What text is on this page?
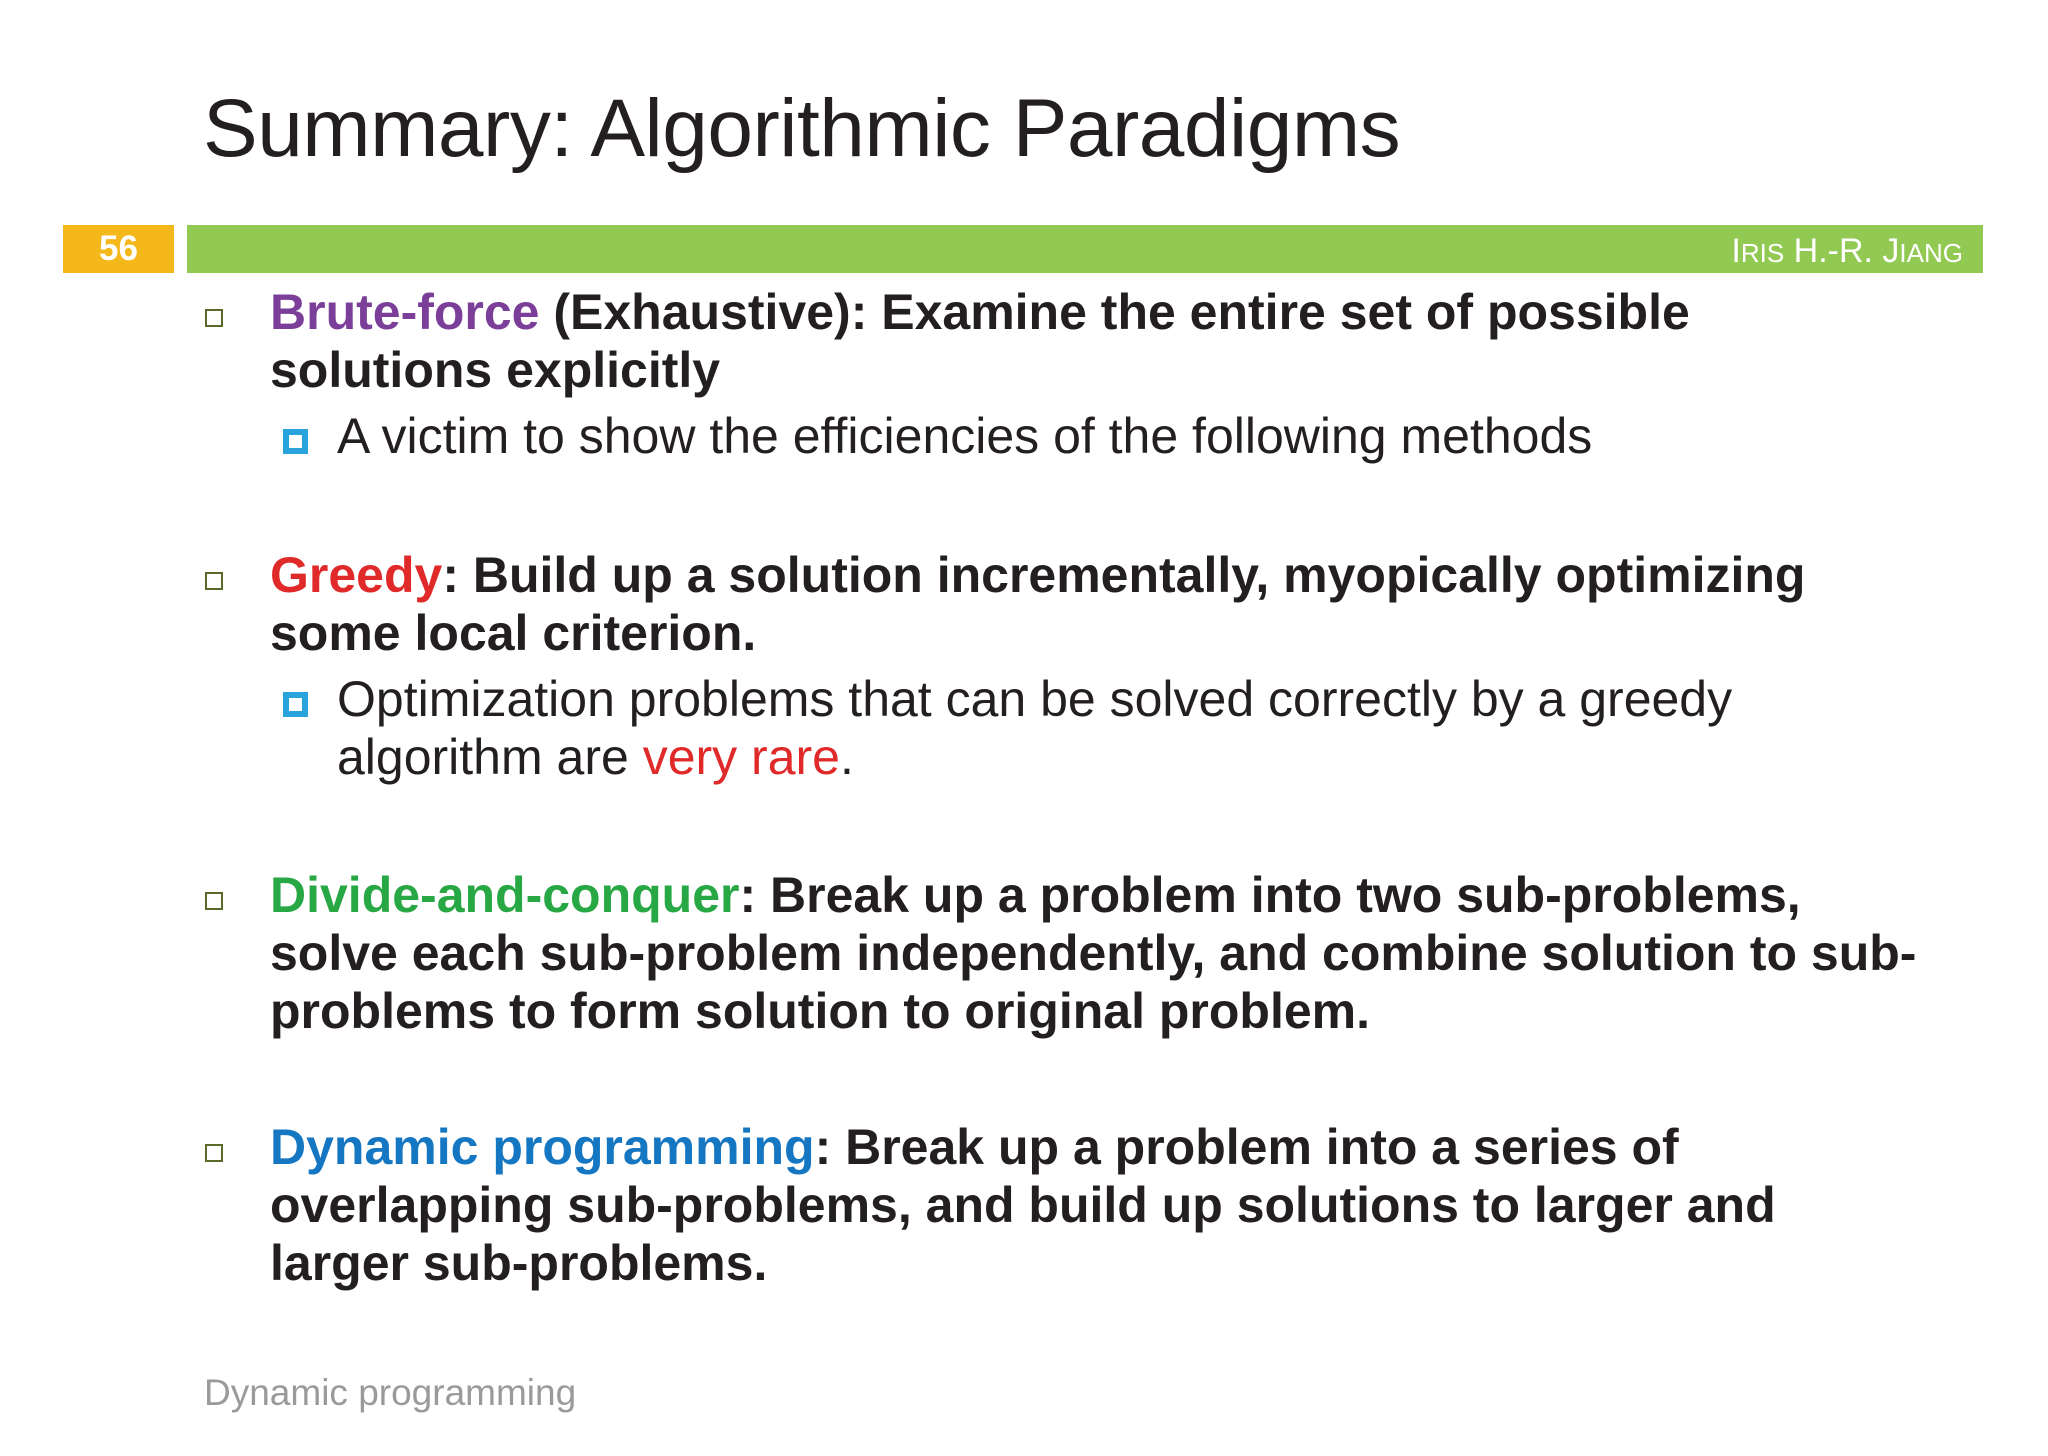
Summary: Algorithmic Paradigms
56	IRIS H.-R. JIANG
Brute-force (Exhaustive): Examine the entire set of possible solutions explicitly
A victim to show the efficiencies of the following methods
Greedy: Build up a solution incrementally, myopically optimizing some local criterion.
Optimization problems that can be solved correctly by a greedy algorithm are very rare.
Divide-and-conquer: Break up a problem into two sub-problems, solve each sub-problem independently, and combine solution to sub-problems to form solution to original problem.
Dynamic programming: Break up a problem into a series of overlapping sub-problems, and build up solutions to larger and larger sub-problems.
Dynamic programming
